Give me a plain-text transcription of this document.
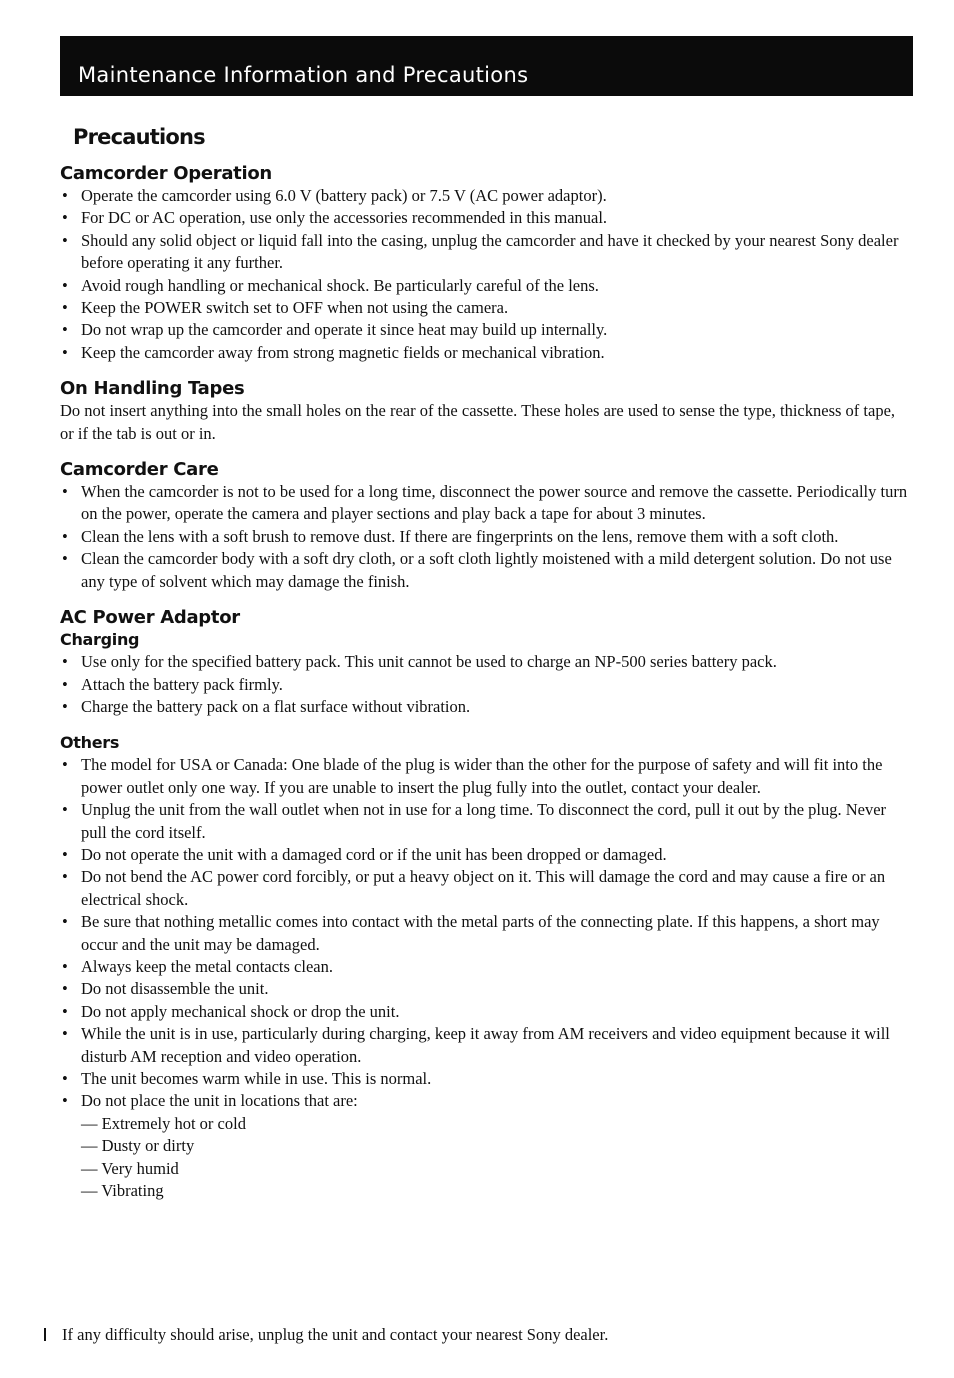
Maintenance Information and Precautions
Precautions
Camcorder Operation
• Operate the camcorder using 6.0 V (battery pack) or 7.5 V (AC power adaptor).
• For DC or AC operation, use only the accessories recommended in this manual.
• Should any solid object or liquid fall into the casing, unplug the camcorder and have it checked by your nearest Sony dealer before operating it any further.
• Avoid rough handling or mechanical shock. Be particularly careful of the lens.
• Keep the POWER switch set to OFF when not using the camera.
• Do not wrap up the camcorder and operate it since heat may build up internally.
• Keep the camcorder away from strong magnetic fields or mechanical vibration.
On Handling Tapes

Do not insert anything into the small holes on the rear of the cassette. These holes are used to sense the type, thickness of tape, or if the tab is out or in.

Camcorder Care
• When the camcorder is not to be used for a long time, disconnect the power source and remove the cassette. Periodically turn on the power, operate the camera and player sections and play back a tape for about 3 minutes.
• Clean the lens with a soft brush to remove dust. If there are fingerprints on the lens, remove them with a soft cloth.
• Clean the camcorder body with a soft dry cloth, or a soft cloth lightly moistened with a mild detergent solution. Do not use any type of solvent which may damage the finish.
AC Power Adaptor
Charging
• Use only for the specified battery pack. This unit cannot be used to charge an NP-500 series battery pack.
• Attach the battery pack firmly.
• Charge the battery pack on a flat surface without vibration.
Others
• The model for USA or Canada: One blade of the plug is wider than the other for the purpose of safety and will fit into the power outlet only one way. If you are unable to insert the plug fully into the outlet, contact your dealer.
• Unplug the unit from the wall outlet when not in use for a long time. To disconnect the cord, pull it out by the plug. Never pull the cord itself.
• Do not operate the unit with a damaged cord or if the unit has been dropped or damaged.
• Do not bend the AC power cord forcibly, or put a heavy object on it. This will damage the cord and may cause a fire or an electrical shock.
• Be sure that nothing metallic comes into contact with the metal parts of the connecting plate. If this happens, a short may occur and the unit may be damaged.
• Always keep the metal contacts clean.
• Do not disassemble the unit.
• Do not apply mechanical shock or drop the unit.
• While the unit is in use, particularly during charging, keep it away from AM receivers and video equipment because it will disturb AM reception and video operation.
• The unit becomes warm while in use. This is normal.
• Do not place the unit in locations that are:
— Extremely hot or cold
— Dusty or dirty
— Very humid
— Vibrating
If any difficulty should arise, unplug the unit and contact your nearest Sony dealer.
